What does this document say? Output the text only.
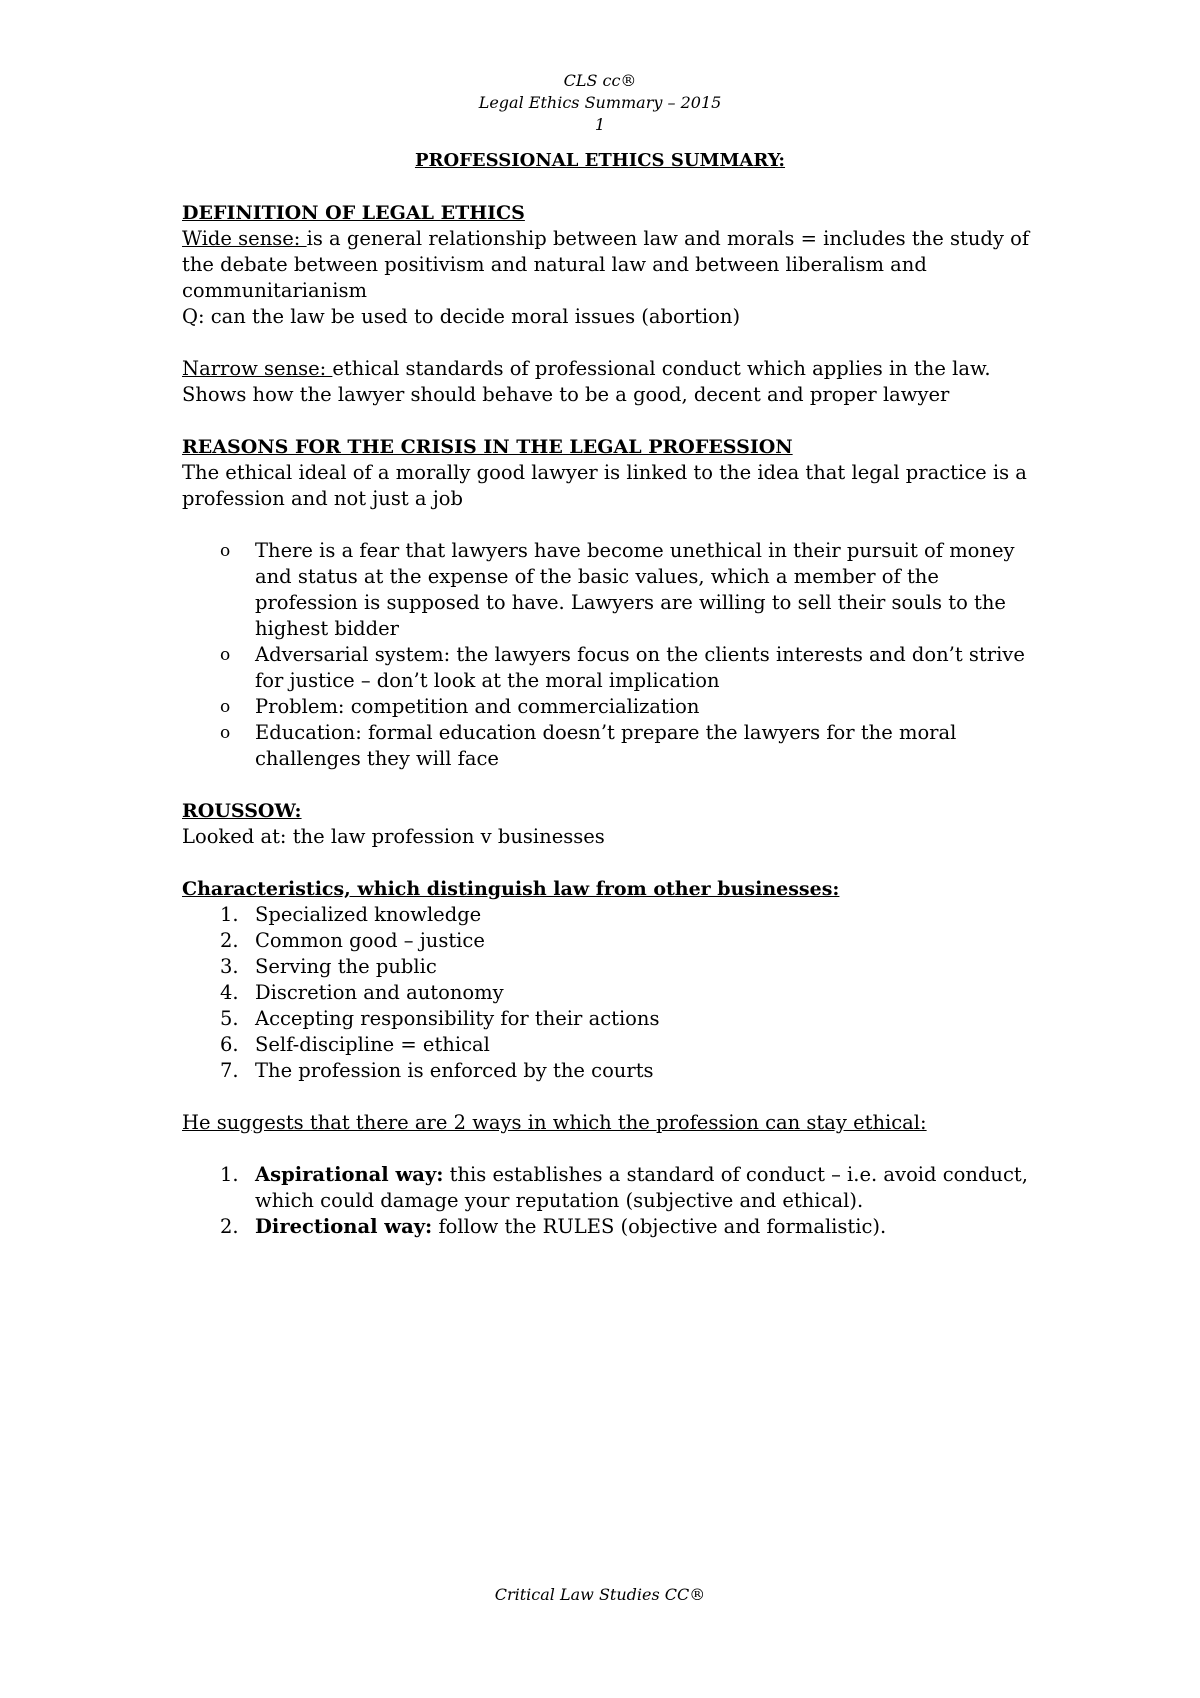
CLS cc®
Legal Ethics Summary – 2015
1
PROFESSIONAL ETHICS SUMMARY:
DEFINITION OF LEGAL ETHICS

Wide sense: is a general relationship between law and morals = includes the study of the debate between positivism and natural law and between liberalism and communitarianism

Q: can the law be used to decide moral issues (abortion)

Narrow sense: ethical standards of professional conduct which applies in the law.

Shows how the lawyer should behave to be a good, decent and proper lawyer

REASONS FOR THE CRISIS IN THE LEGAL PROFESSION

The ethical ideal of a morally good lawyer is linked to the idea that legal practice is a profession and not just a job

o There is a fear that lawyers have become unethical in their pursuit of money and status at the expense of the basic values, which a member of the profession is supposed to have. Lawyers are willing to sell their souls to the highest bidder
o Adversarial system: the lawyers focus on the clients interests and don’t strive for justice – don’t look at the moral implication
o Problem: competition and commercialization
o Education: formal education doesn’t prepare the lawyers for the moral challenges they will face
ROUSSOW:

Looked at: the law profession v businesses

Characteristics, which distinguish law from other businesses:
1. Specialized knowledge
2. Common good – justice
3. Serving the public
4. Discretion and autonomy
5. Accepting responsibility for their actions
6. Self-discipline = ethical
7. The profession is enforced by the courts

He suggests that there are 2 ways in which the profession can stay ethical:

1. Aspirational way: this establishes a standard of conduct – i.e. avoid conduct, which could damage your reputation (subjective and ethical).
2. Directional way: follow the RULES (objective and formalistic).
Critical Law Studies CC®
